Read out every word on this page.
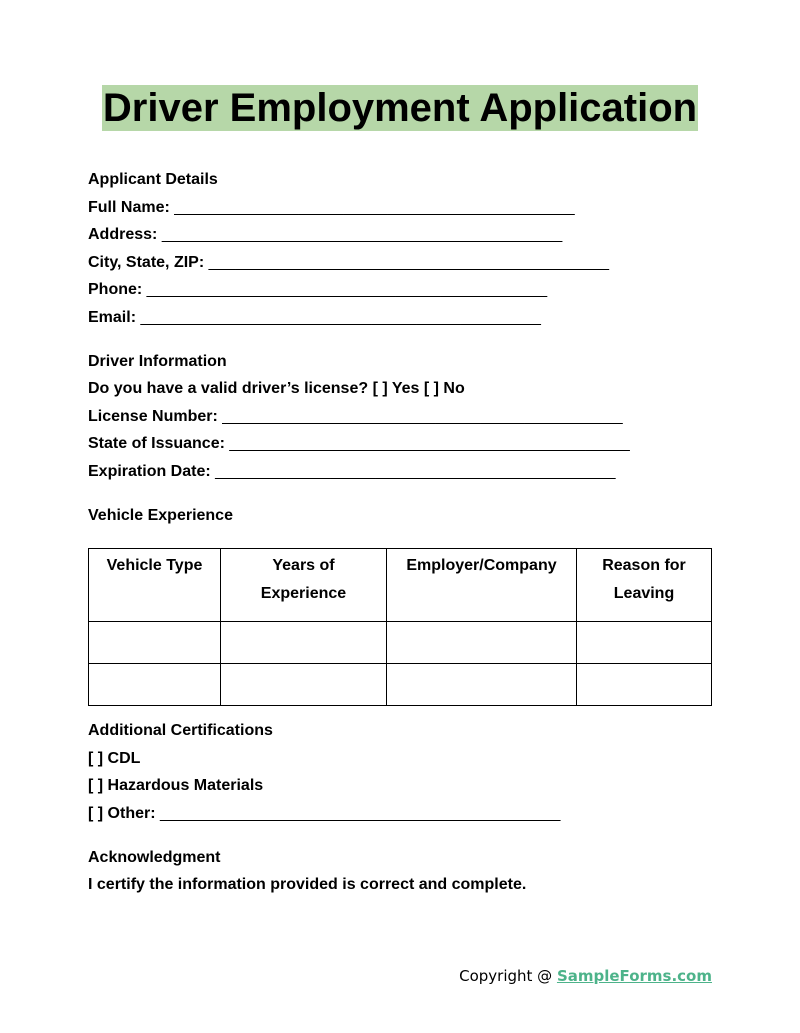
Driver Employment Application
Applicant Details
Full Name: _____________________________________________
Address: _____________________________________________
City, State, ZIP: _____________________________________________
Phone: _____________________________________________
Email: _____________________________________________
Driver Information
Do you have a valid driver’s license? [ ] Yes [ ] No
License Number: _____________________________________________
State of Issuance: _____________________________________________
Expiration Date: _____________________________________________
Vehicle Experience
Vehicle Type	Years of Experience	Employer/Company	Reason for Leaving

Additional Certifications
[ ] CDL
[ ] Hazardous Materials
[ ] Other: _____________________________________________
Acknowledgment
I certify the information provided is correct and complete.
Copyright @ SampleForms.com
